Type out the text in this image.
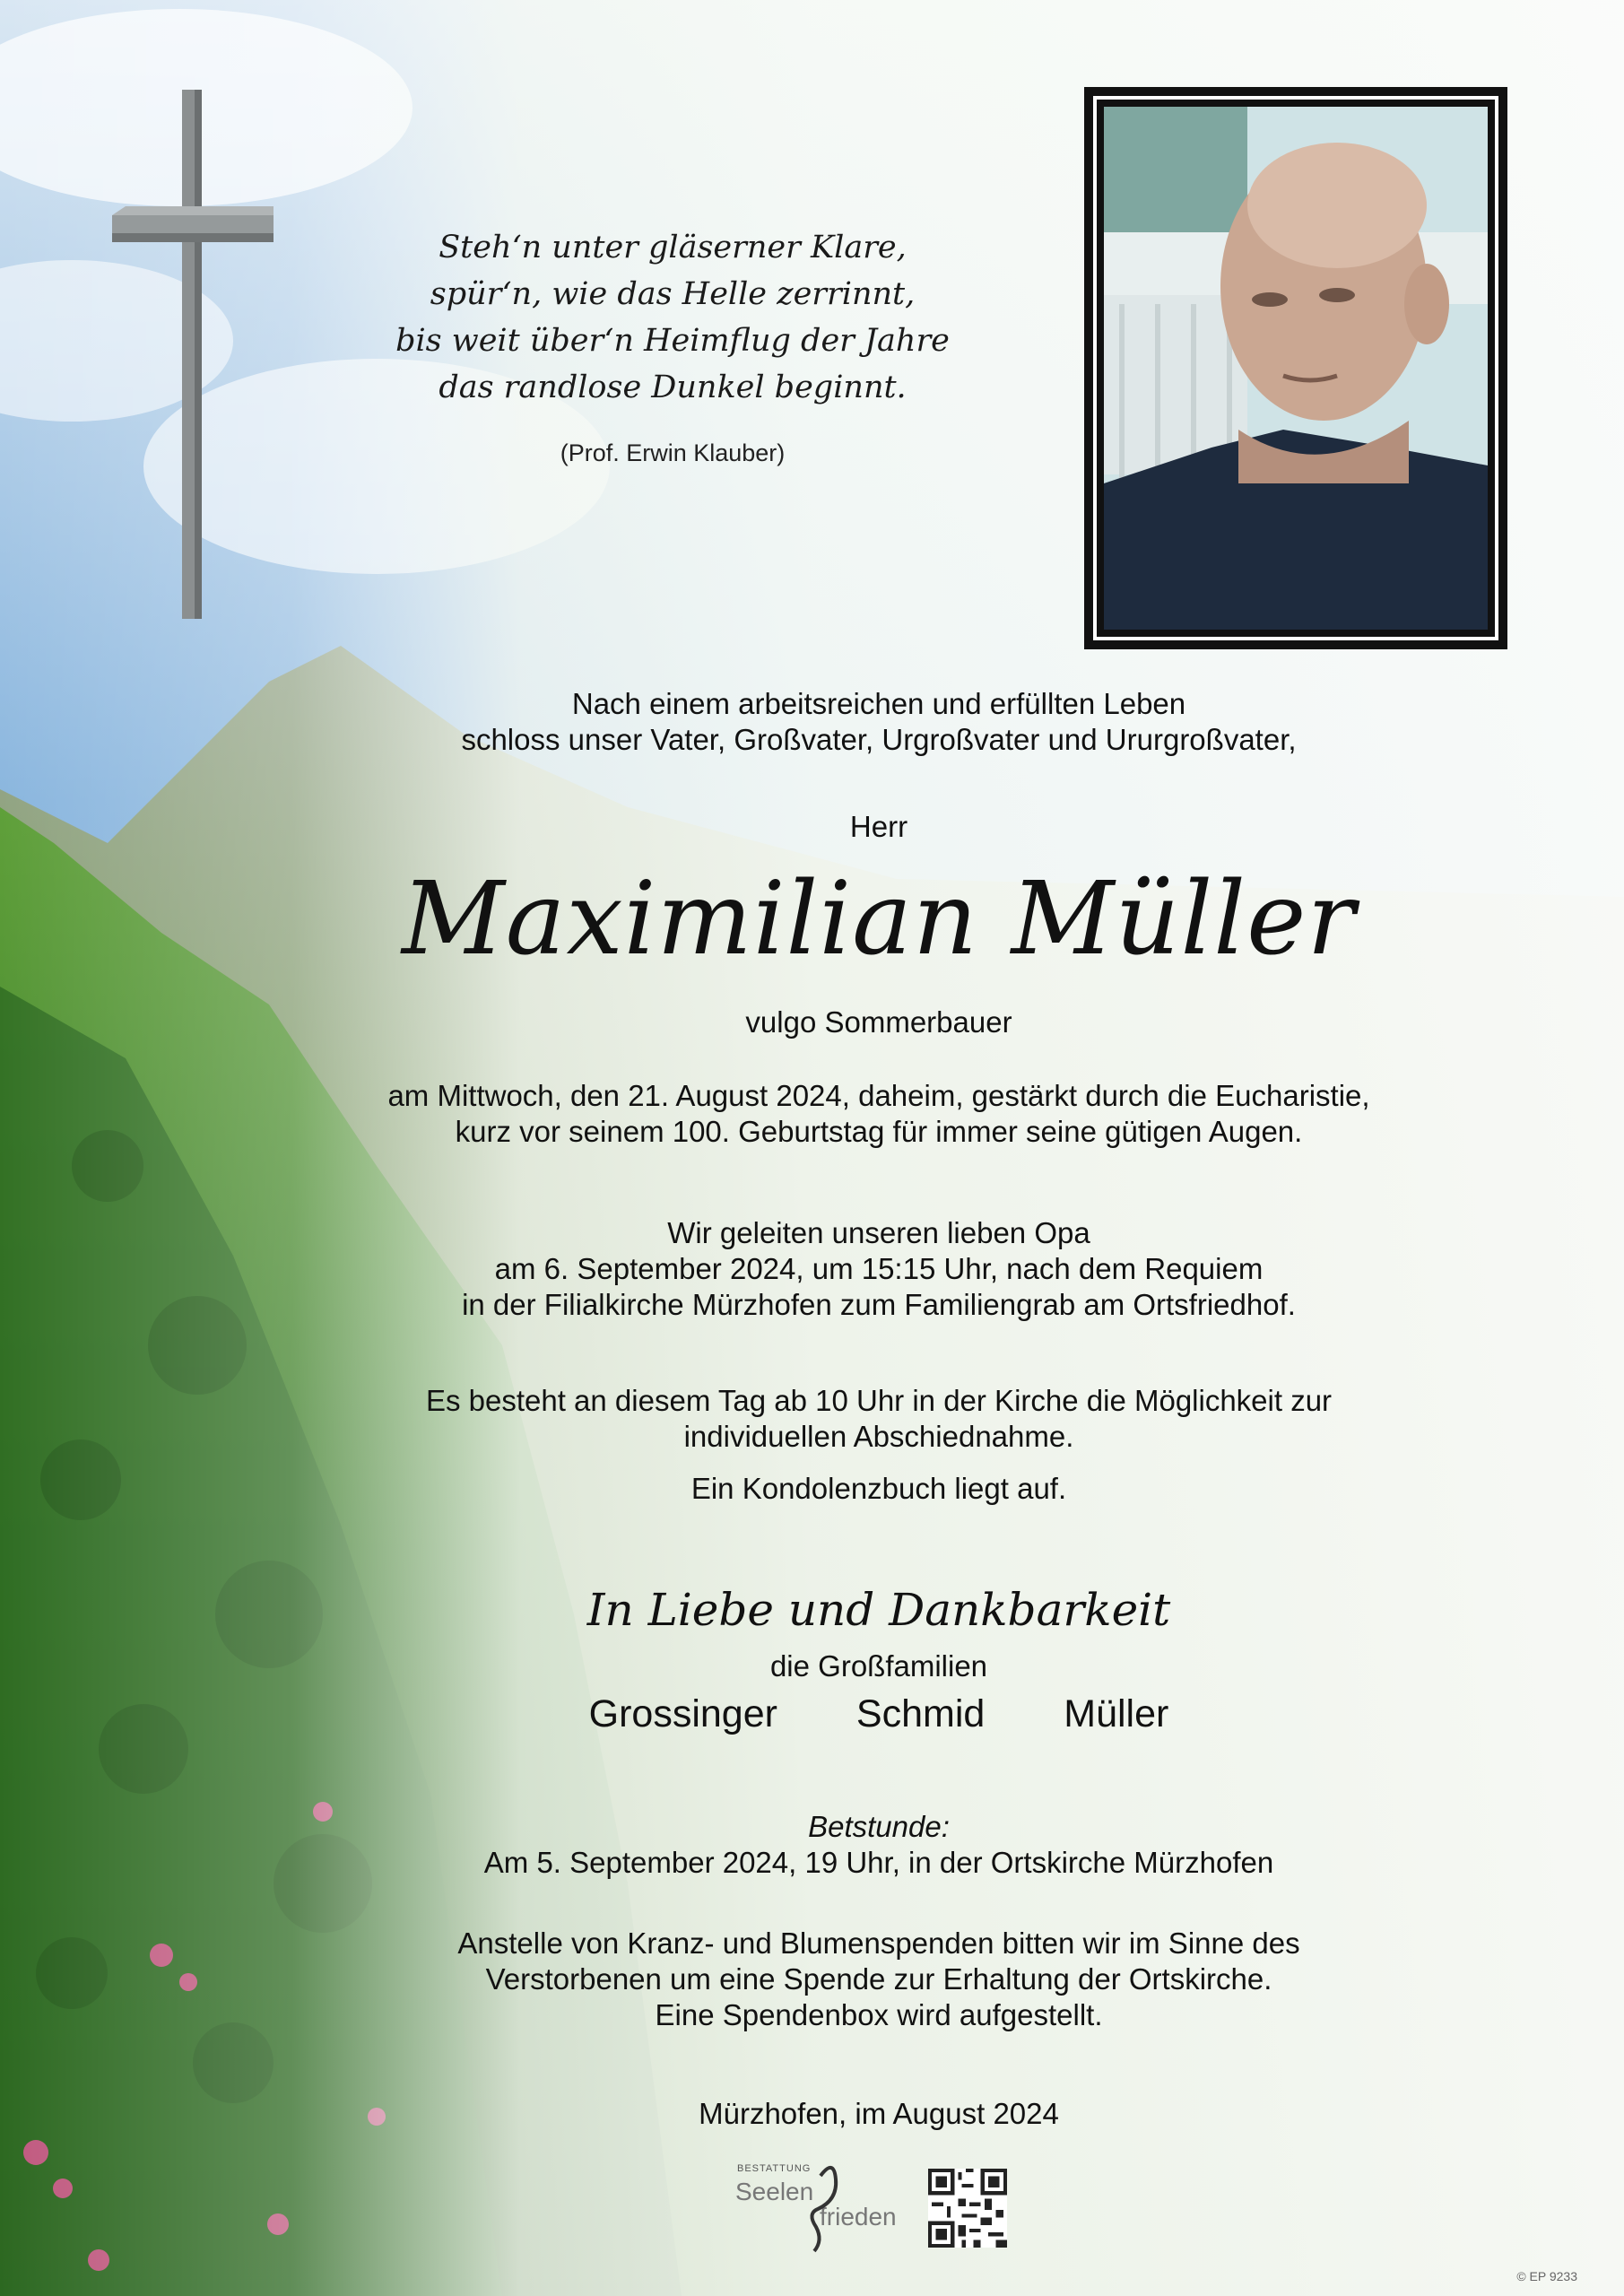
Steh‘n unter gläserner Klare,
spür‘n, wie das Helle zerrinnt,
bis weit über‘n Heimflug der Jahre
das randlose Dunkel beginnt.
(Prof. Erwin Klauber)
Nach einem arbeitsreichen und erfüllten Leben
schloss unser Vater, Großvater, Urgroßvater und Ururgroßvater,
Herr
Maximilian Müller
vulgo Sommerbauer
am Mittwoch, den 21. August 2024, daheim, gestärkt durch die Eucharistie,
kurz vor seinem 100. Geburtstag für immer seine gütigen Augen.
Wir geleiten unseren lieben Opa
am 6. September 2024, um 15:15 Uhr, nach dem Requiem
in der Filialkirche Mürzhofen zum Familiengrab am Ortsfriedhof.
Es besteht an diesem Tag ab 10 Uhr in der Kirche die Möglichkeit zur
individuellen Abschiednahme.
Ein Kondolenzbuch liegt auf.
In Liebe und Dankbarkeit
die Großfamilien
Grossinger Schmid Müller
Betstunde:
Am 5. September 2024, 19 Uhr, in der Ortskirche Mürzhofen
Anstelle von Kranz- und Blumenspenden bitten wir im Sinne des
Verstorbenen um eine Spende zur Erhaltung der Ortskirche.
Eine Spendenbox wird aufgestellt.
Mürzhofen, im August 2024
BESTATTUNG
Seelen
frieden
© EP 9233
